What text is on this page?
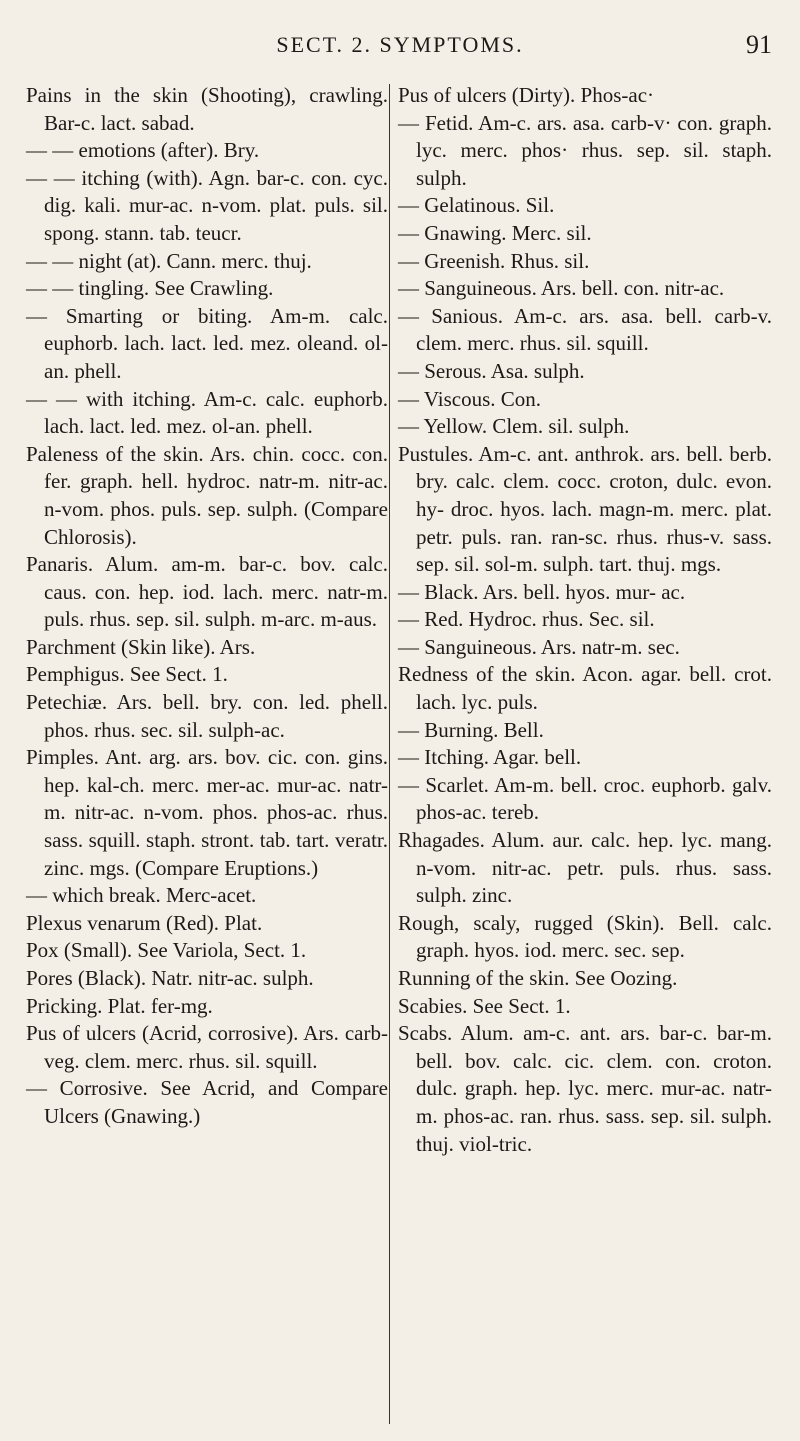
SECT. 2. SYMPTOMS.	91
Pains in the skin (Shooting), crawling. Bar-c. lact. sabad.
— — emotions (after). Bry.
— — itching (with). Agn. bar-c. con. cyc. dig. kali. mur-ac. n-vom. plat. puls. sil. spong. stann. tab. teucr.
— — night (at). Cann. merc. thuj.
— — tingling. See Crawling.
— Smarting or biting. Am-m. calc. euphorb. lach. lact. led. mez. oleand. ol-an. phell.
— — with itching. Am-c. calc. euphorb. lach. lact. led. mez. ol-an. phell.
Paleness of the skin. Ars. chin. cocc. con. fer. graph. hell. hydroc. natr-m. nitr-ac. n-vom. phos. puls. sep. sulph. (Compare Chlorosis).
Panaris. Alum. am-m. bar-c. bov. calc. caus. con. hep. iod. lach. merc. natr-m. puls. rhus. sep. sil. sulph. m-arc. m-aus.
Parchment (Skin like). Ars.
Pemphigus. See Sect. 1.
Petechiæ. Ars. bell. bry. con. led. phell. phos. rhus. sec. sil. sulph-ac.
Pimples. Ant. arg. ars. bov. cic. con. gins. hep. kal-ch. merc. mer-ac. mur-ac. natr-m. nitr-ac. n-vom. phos. phos-ac. rhus. sass. squill. staph. stront. tab. tart. veratr. zinc. mgs. (Compare Eruptions.)
— which break. Merc-acet.
Plexus venarum (Red). Plat.
Pox (Small). See Variola, Sect. 1.
Pores (Black). Natr. nitr-ac. sulph.
Pricking. Plat. fer-mg.
Pus of ulcers (Acrid, corrosive). Ars. carb-veg. clem. merc. rhus. sil. squill.
— Corrosive. See Acrid, and Compare Ulcers (Gnawing.)
Pus of ulcers (Dirty). Phos-ac·
— Fetid. Am-c. ars. asa. carb-v· con. graph. lyc. merc. phos· rhus. sep. sil. staph. sulph.
— Gelatinous. Sil.
— Gnawing. Merc. sil.
— Greenish. Rhus. sil.
— Sanguineous. Ars. bell. con. nitr-ac.
— Sanious. Am-c. ars. asa. bell. carb-v. clem. merc. rhus. sil. squill.
— Serous. Asa. sulph.
— Viscous. Con.
— Yellow. Clem. sil. sulph.
Pustules. Am-c. ant. anthrok. ars. bell. berb. bry. calc. clem. cocc. croton, dulc. evon. hy- droc. hyos. lach. magn-m. merc. plat. petr. puls. ran. ran-sc. rhus. rhus-v. sass. sep. sil. sol-m. sulph. tart. thuj. mgs.
— Black. Ars. bell. hyos. mur- ac.
— Red. Hydroc. rhus. Sec. sil.
— Sanguineous. Ars. natr-m. sec.
Redness of the skin. Acon. agar. bell. crot. lach. lyc. puls.
— Burning. Bell.
— Itching. Agar. bell.
— Scarlet. Am-m. bell. croc. euphorb. galv. phos-ac. tereb.
Rhagades. Alum. aur. calc. hep. lyc. mang. n-vom. nitr-ac. petr. puls. rhus. sass. sulph. zinc.
Rough, scaly, rugged (Skin). Bell. calc. graph. hyos. iod. merc. sec. sep.
Running of the skin. See Oozing.
Scabies. See Sect. 1.
Scabs. Alum. am-c. ant. ars. bar-c. bar-m. bell. bov. calc. cic. clem. con. croton. dulc. graph. hep. lyc. merc. mur-ac. natr-m. phos-ac. ran. rhus. sass. sep. sil. sulph. thuj. viol-tric.
